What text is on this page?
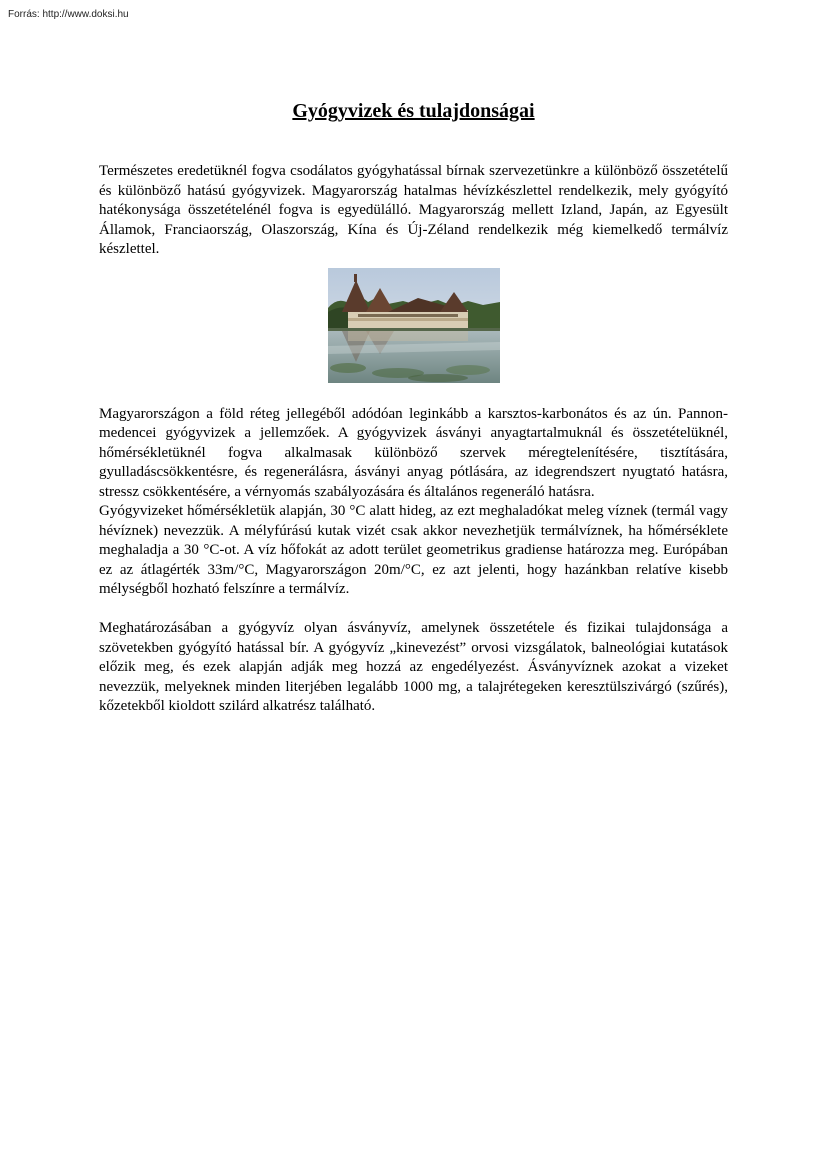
Forrás: http://www.doksi.hu
Gyógyvizek és tulajdonságai

Természetes eredetüknél fogva csodálatos gyógyhatással bírnak szervezetünkre a különböző összetételű és különböző hatású gyógyvizek. Magyarország hatalmas hévízkészlettel rendelkezik, mely gyógyító hatékonysága összetételénél fogva is egyedülálló. Magyarország mellett Izland, Japán, az Egyesült Államok, Franciaország, Olaszország, Kína és Új-Zéland rendelkezik még kiemelkedő termálvíz készlettel.

Magyarországon a föld réteg jellegéből adódóan leginkább a karsztos-karbonátos és az ún. Pannon-medencei gyógyvizek a jellemzőek. A gyógyvizek ásványi anyagtartalmuknál és összetételüknél, hőmérsékletüknél fogva alkalmasak különböző szervek méregtelenítésére, tisztítására, gyulladáscsökkentésre, és regenerálásra, ásványi anyag pótlására, az idegrendszert nyugtató hatásra, stressz csökkentésére, a vérnyomás szabályozására és általános regeneráló hatásra.

Gyógyvizeket hőmérsékletük alapján, 30 °C alatt hideg, az ezt meghaladókat meleg víznek (termál vagy hévíznek) nevezzük. A mélyfúrású kutak vizét csak akkor nevezhetjük termálvíznek, ha hőmérséklete meghaladja a 30 °C-ot. A víz hőfokát az adott terület geometrikus gradiense határozza meg. Európában ez az átlagérték 33m/°C, Magyarországon 20m/°C, ez azt jelenti, hogy hazánkban relatíve kisebb mélységből hozható felszínre a termálvíz.

Meghatározásában a gyógyvíz olyan ásványvíz, amelynek összetétele és fizikai tulajdonsága a szövetekben gyógyító hatással bír. A gyógyvíz „kinevezést” orvosi vizsgálatok, balneológiai kutatások előzik meg, és ezek alapján adják meg hozzá az engedélyezést. Ásványvíznek azokat a vizeket nevezzük, melyeknek minden literjében legalább 1000 mg, a talajrétegeken keresztülszivárgó (szűrés), kőzetekből kioldott szilárd alkatrész található.
